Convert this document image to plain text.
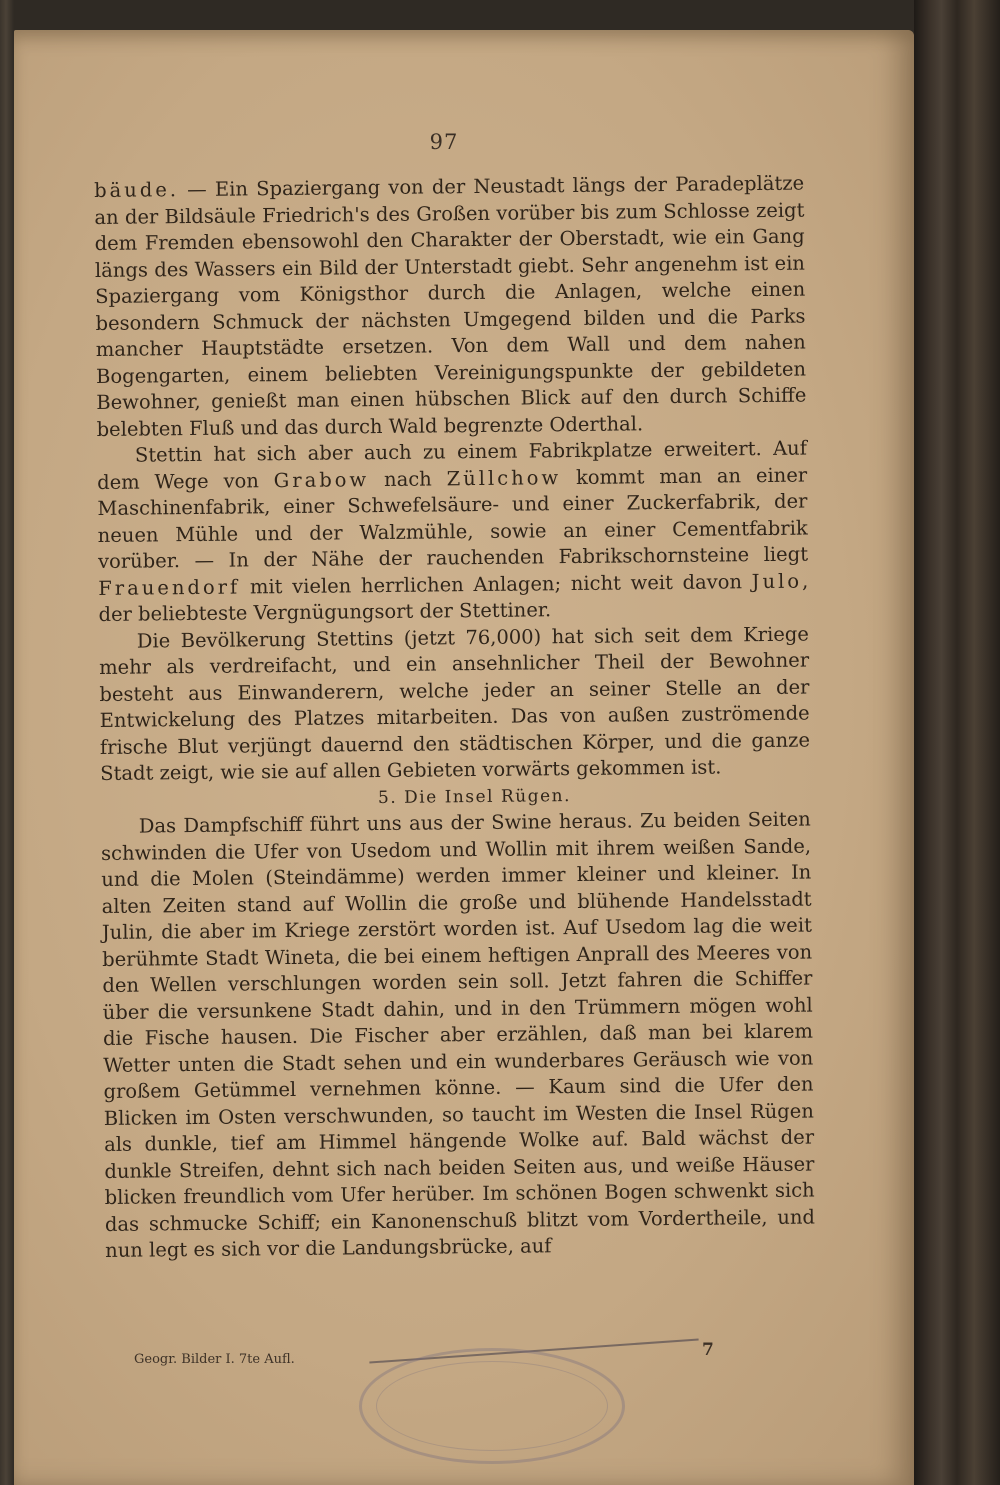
97

bäude. — Ein Spaziergang von der Neustadt längs der Paradeplätze an der Bildsäule Friedrich's des Großen vorüber bis zum Schlosse zeigt dem Fremden ebensowohl den Charakter der Oberstadt, wie ein Gang längs des Wassers ein Bild der Unterstadt giebt. Sehr angenehm ist ein Spaziergang vom Königsthor durch die Anlagen, welche einen besondern Schmuck der nächsten Umgegend bilden und die Parks mancher Hauptstädte ersetzen. Von dem Wall und dem nahen Bogengarten, einem beliebten Vereinigungspunkte der gebildeten Bewohner, genießt man einen hübschen Blick auf den durch Schiffe belebten Fluß und das durch Wald begrenzte Oderthal.

Stettin hat sich aber auch zu einem Fabrikplatze erweitert. Auf dem Wege von Grabow nach Züllchow kommt man an einer Maschinenfabrik, einer Schwefelsäure- und einer Zuckerfabrik, der neuen Mühle und der Walzmühle, sowie an einer Cementfabrik vorüber. — In der Nähe der rauchenden Fabrikschornsteine liegt Frauendorf mit vielen herrlichen Anlagen; nicht weit davon Julo, der beliebteste Vergnügungsort der Stettiner.

Die Bevölkerung Stettins (jetzt 76,000) hat sich seit dem Kriege mehr als verdreifacht, und ein ansehnlicher Theil der Bewohner besteht aus Einwanderern, welche jeder an seiner Stelle an der Entwickelung des Platzes mitarbeiten. Das von außen zuströmende frische Blut verjüngt dauernd den städtischen Körper, und die ganze Stadt zeigt, wie sie auf allen Gebieten vorwärts gekommen ist.

5. Die Insel Rügen.

Das Dampfschiff führt uns aus der Swine heraus. Zu beiden Seiten schwinden die Ufer von Usedom und Wollin mit ihrem weißen Sande, und die Molen (Steindämme) werden immer kleiner und kleiner. In alten Zeiten stand auf Wollin die große und blühende Handelsstadt Julin, die aber im Kriege zerstört worden ist. Auf Usedom lag die weit berühmte Stadt Wineta, die bei einem heftigen Anprall des Meeres von den Wellen verschlungen worden sein soll. Jetzt fahren die Schiffer über die versunkene Stadt dahin, und in den Trümmern mögen wohl die Fische hausen. Die Fischer aber erzählen, daß man bei klarem Wetter unten die Stadt sehen und ein wunderbares Geräusch wie von großem Getümmel vernehmen könne. — Kaum sind die Ufer den Blicken im Osten verschwunden, so taucht im Westen die Insel Rügen als dunkle, tief am Himmel hängende Wolke auf. Bald wächst der dunkle Streifen, dehnt sich nach beiden Seiten aus, und weiße Häuser blicken freundlich vom Ufer herüber. Im schönen Bogen schwenkt sich das schmucke Schiff; ein Kanonenschuß blitzt vom Vordertheile, und nun legt es sich vor die Landungsbrücke, auf

Geogr. Bilder I. 7te Aufl.	7
